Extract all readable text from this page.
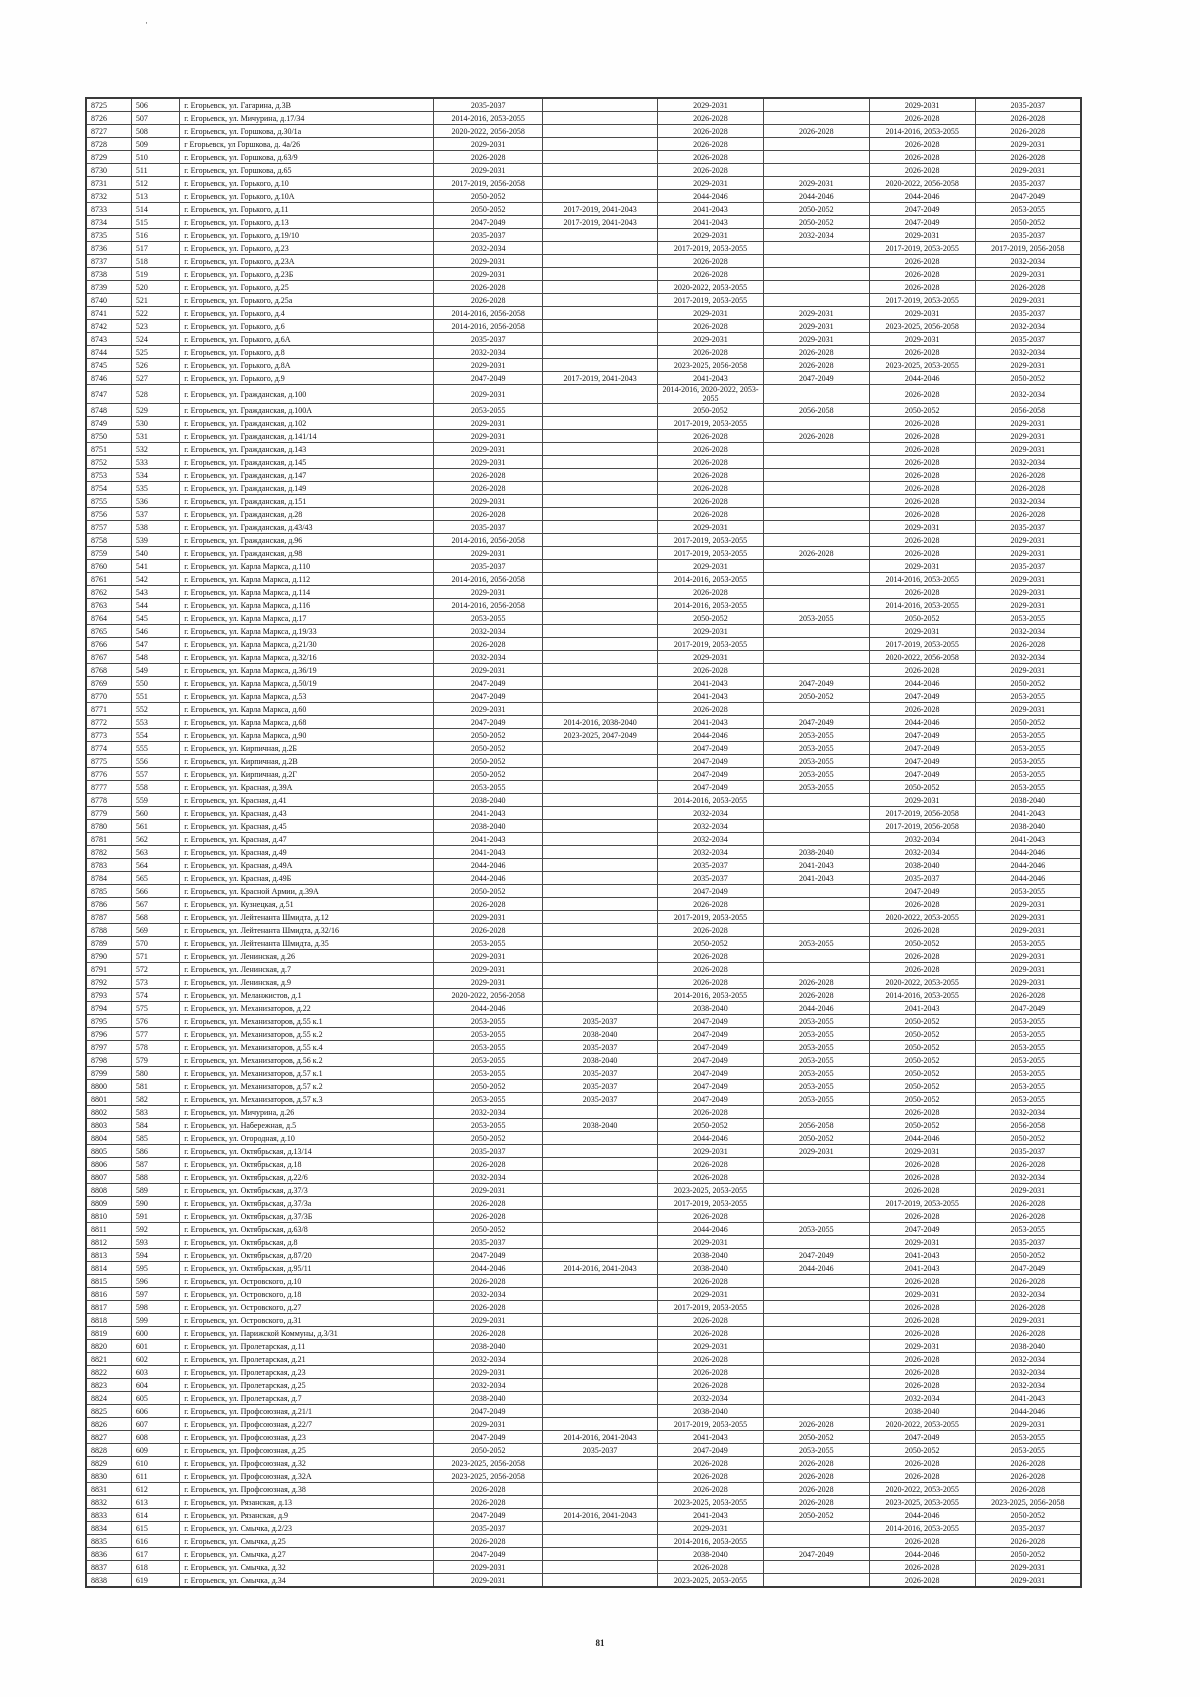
·
8725	506	г. Егорьевск, ул. Гагарина, д.3В	2035-2037		2029-2031		2029-2031	2035-2037
8726	507	г. Егорьевск, ул. Мичурина, д.17/34	2014-2016, 2053-2055		2026-2028		2026-2028	2026-2028
8727	508	г. Егорьевск, ул. Горшкова, д.30/1а	2020-2022, 2056-2058		2026-2028	2026-2028	2014-2016, 2053-2055	2026-2028
8728	509	г Егорьевск, ул Горшкова, д. 4а/26	2029-2031		2026-2028		2026-2028	2029-2031
8729	510	г. Егорьевск, ул. Горшкова, д.63/9	2026-2028		2026-2028		2026-2028	2026-2028
8730	511	г. Егорьевск, ул. Горшкова, д.65	2029-2031		2026-2028		2026-2028	2029-2031
8731	512	г. Егорьевск, ул. Горького, д.10	2017-2019, 2056-2058		2029-2031	2029-2031	2020-2022, 2056-2058	2035-2037
8732	513	г. Егорьевск, ул. Горького, д.10А	2050-2052		2044-2046	2044-2046	2044-2046	2047-2049
8733	514	г. Егорьевск, ул. Горького, д.11	2050-2052	2017-2019, 2041-2043	2041-2043	2050-2052	2047-2049	2053-2055
8734	515	г. Егорьевск, ул. Горького, д.13	2047-2049	2017-2019, 2041-2043	2041-2043	2050-2052	2047-2049	2050-2052
8735	516	г. Егорьевск, ул. Горького, д.19/10	2035-2037		2029-2031	2032-2034	2029-2031	2035-2037
8736	517	г. Егорьевск, ул. Горького, д.23	2032-2034		2017-2019, 2053-2055		2017-2019, 2053-2055	2017-2019, 2056-2058
8737	518	г. Егорьевск, ул. Горького, д.23А	2029-2031		2026-2028		2026-2028	2032-2034
8738	519	г. Егорьевск, ул. Горького, д.23Б	2029-2031		2026-2028		2026-2028	2029-2031
8739	520	г. Егорьевск, ул. Горького, д.25	2026-2028		2020-2022, 2053-2055		2026-2028	2026-2028
8740	521	г. Егорьевск, ул. Горького, д.25а	2026-2028		2017-2019, 2053-2055		2017-2019, 2053-2055	2029-2031
8741	522	г. Егорьевск, ул. Горького, д.4	2014-2016, 2056-2058		2029-2031	2029-2031	2029-2031	2035-2037
8742	523	г. Егорьевск, ул. Горького, д.6	2014-2016, 2056-2058		2026-2028	2029-2031	2023-2025, 2056-2058	2032-2034
8743	524	г. Егорьевск, ул. Горького, д.6А	2035-2037		2029-2031	2029-2031	2029-2031	2035-2037
8744	525	г. Егорьевск, ул. Горького, д.8	2032-2034		2026-2028	2026-2028	2026-2028	2032-2034
8745	526	г. Егорьевск, ул. Горького, д.8А	2029-2031		2023-2025, 2056-2058	2026-2028	2023-2025, 2053-2055	2029-2031
8746	527	г. Егорьевск, ул. Горького, д.9	2047-2049	2017-2019, 2041-2043	2041-2043	2047-2049	2044-2046	2050-2052
8747	528	г. Егорьевск, ул. Гражданская, д.100	2029-2031		2014-2016, 2020-2022, 2053-2055		2026-2028	2032-2034
8748	529	г. Егорьевск, ул. Гражданская, д.100А	2053-2055		2050-2052	2056-2058	2050-2052	2056-2058
8749	530	г. Егорьевск, ул. Гражданская, д.102	2029-2031		2017-2019, 2053-2055		2026-2028	2029-2031
8750	531	г. Егорьевск, ул. Гражданская, д.141/14	2029-2031		2026-2028	2026-2028	2026-2028	2029-2031
8751	532	г. Егорьевск, ул. Гражданская, д.143	2029-2031		2026-2028		2026-2028	2029-2031
8752	533	г. Егорьевск, ул. Гражданская, д.145	2029-2031		2026-2028		2026-2028	2032-2034
8753	534	г. Егорьевск, ул. Гражданская, д.147	2026-2028		2026-2028		2026-2028	2026-2028
8754	535	г. Егорьевск, ул. Гражданская, д.149	2026-2028		2026-2028		2026-2028	2026-2028
8755	536	г. Егорьевск, ул. Гражданская, д.151	2029-2031		2026-2028		2026-2028	2032-2034
8756	537	г. Егорьевск, ул. Гражданская, д.28	2026-2028		2026-2028		2026-2028	2026-2028
8757	538	г. Егорьевск, ул. Гражданская, д.43/43	2035-2037		2029-2031		2029-2031	2035-2037
8758	539	г. Егорьевск, ул. Гражданская, д.96	2014-2016, 2056-2058		2017-2019, 2053-2055		2026-2028	2029-2031
8759	540	г. Егорьевск, ул. Гражданская, д.98	2029-2031		2017-2019, 2053-2055	2026-2028	2026-2028	2029-2031
8760	541	г. Егорьевск, ул. Карла Маркса, д.110	2035-2037		2029-2031		2029-2031	2035-2037
8761	542	г. Егорьевск, ул. Карла Маркса, д.112	2014-2016, 2056-2058		2014-2016, 2053-2055		2014-2016, 2053-2055	2029-2031
8762	543	г. Егорьевск, ул. Карла Маркса, д.114	2029-2031		2026-2028		2026-2028	2029-2031
8763	544	г. Егорьевск, ул. Карла Маркса, д.116	2014-2016, 2056-2058		2014-2016, 2053-2055		2014-2016, 2053-2055	2029-2031
8764	545	г. Егорьевск, ул. Карла Маркса, д.17	2053-2055		2050-2052	2053-2055	2050-2052	2053-2055
8765	546	г. Егорьевск, ул. Карла Маркса, д.19/33	2032-2034		2029-2031		2029-2031	2032-2034
8766	547	г. Егорьевск, ул. Карла Маркса, д.21/30	2026-2028		2017-2019, 2053-2055		2017-2019, 2053-2055	2026-2028
8767	548	г. Егорьевск, ул. Карла Маркса, д.32/16	2032-2034		2029-2031		2020-2022, 2056-2058	2032-2034
8768	549	г. Егорьевск, ул. Карла Маркса, д.36/19	2029-2031		2026-2028		2026-2028	2029-2031
8769	550	г. Егорьевск, ул. Карла Маркса, д.50/19	2047-2049		2041-2043	2047-2049	2044-2046	2050-2052
8770	551	г. Егорьевск, ул. Карла Маркса, д.53	2047-2049		2041-2043	2050-2052	2047-2049	2053-2055
8771	552	г. Егорьевск, ул. Карла Маркса, д.60	2029-2031		2026-2028		2026-2028	2029-2031
8772	553	г. Егорьевск, ул. Карла Маркса, д.68	2047-2049	2014-2016, 2038-2040	2041-2043	2047-2049	2044-2046	2050-2052
8773	554	г. Егорьевск, ул. Карла Маркса, д.90	2050-2052	2023-2025, 2047-2049	2044-2046	2053-2055	2047-2049	2053-2055
8774	555	г. Егорьевск, ул. Кирпичная, д.2Б	2050-2052		2047-2049	2053-2055	2047-2049	2053-2055
8775	556	г. Егорьевск, ул. Кирпичная, д.2В	2050-2052		2047-2049	2053-2055	2047-2049	2053-2055
8776	557	г. Егорьевск, ул. Кирпичная, д.2Г	2050-2052		2047-2049	2053-2055	2047-2049	2053-2055
8777	558	г. Егорьевск, ул. Красная, д.39А	2053-2055		2047-2049	2053-2055	2050-2052	2053-2055
8778	559	г. Егорьевск, ул. Красная, д.41	2038-2040		2014-2016, 2053-2055		2029-2031	2038-2040
8779	560	г. Егорьевск, ул. Красная, д.43	2041-2043		2032-2034		2017-2019, 2056-2058	2041-2043
8780	561	г. Егорьевск, ул. Красная, д.45	2038-2040		2032-2034		2017-2019, 2056-2058	2038-2040
8781	562	г. Егорьевск, ул. Красная, д.47	2041-2043		2032-2034		2032-2034	2041-2043
8782	563	г. Егорьевск, ул. Красная, д.49	2041-2043		2032-2034	2038-2040	2032-2034	2044-2046
8783	564	г. Егорьевск, ул. Красная, д.49А	2044-2046		2035-2037	2041-2043	2038-2040	2044-2046
8784	565	г. Егорьевск, ул. Красная, д.49Б	2044-2046		2035-2037	2041-2043	2035-2037	2044-2046
8785	566	г. Егорьевск, ул. Красной Армии, д.39А	2050-2052		2047-2049		2047-2049	2053-2055
8786	567	г. Егорьевск, ул. Кузнецкая, д.51	2026-2028		2026-2028		2026-2028	2029-2031
8787	568	г. Егорьевск, ул. Лейтенанта Шмидта, д.12	2029-2031		2017-2019, 2053-2055		2020-2022, 2053-2055	2029-2031
8788	569	г. Егорьевск, ул. Лейтенанта Шмидта, д.32/16	2026-2028		2026-2028		2026-2028	2029-2031
8789	570	г. Егорьевск, ул. Лейтенанта Шмидта, д.35	2053-2055		2050-2052	2053-2055	2050-2052	2053-2055
8790	571	г. Егорьевск, ул. Ленинская, д.26	2029-2031		2026-2028		2026-2028	2029-2031
8791	572	г. Егорьевск, ул. Ленинская, д.7	2029-2031		2026-2028		2026-2028	2029-2031
8792	573	г. Егорьевск, ул. Ленинская, д.9	2029-2031		2026-2028	2026-2028	2020-2022, 2053-2055	2029-2031
8793	574	г. Егорьевск, ул. Меланжистов, д.1	2020-2022, 2056-2058		2014-2016, 2053-2055	2026-2028	2014-2016, 2053-2055	2026-2028
8794	575	г. Егорьевск, ул. Механизаторов, д.22	2044-2046		2038-2040	2044-2046	2041-2043	2047-2049
8795	576	г. Егорьевск, ул. Механизаторов, д.55 к.1	2053-2055	2035-2037	2047-2049	2053-2055	2050-2052	2053-2055
8796	577	г. Егорьевск, ул. Механизаторов, д.55 к.2	2053-2055	2038-2040	2047-2049	2053-2055	2050-2052	2053-2055
8797	578	г. Егорьевск, ул. Механизаторов, д.55 к.4	2053-2055	2035-2037	2047-2049	2053-2055	2050-2052	2053-2055
8798	579	г. Егорьевск, ул. Механизаторов, д.56 к.2	2053-2055	2038-2040	2047-2049	2053-2055	2050-2052	2053-2055
8799	580	г. Егорьевск, ул. Механизаторов, д.57 к.1	2053-2055	2035-2037	2047-2049	2053-2055	2050-2052	2053-2055
8800	581	г. Егорьевск, ул. Механизаторов, д.57 к.2	2050-2052	2035-2037	2047-2049	2053-2055	2050-2052	2053-2055
8801	582	г. Егорьевск, ул. Механизаторов, д.57 к.3	2053-2055	2035-2037	2047-2049	2053-2055	2050-2052	2053-2055
8802	583	г. Егорьевск, ул. Мичурина, д.26	2032-2034		2026-2028		2026-2028	2032-2034
8803	584	г. Егорьевск, ул. Набережная, д.5	2053-2055	2038-2040	2050-2052	2056-2058	2050-2052	2056-2058
8804	585	г. Егорьевск, ул. Огородная, д.10	2050-2052		2044-2046	2050-2052	2044-2046	2050-2052
8805	586	г. Егорьевск, ул. Октябрьская, д.13/14	2035-2037		2029-2031	2029-2031	2029-2031	2035-2037
8806	587	г. Егорьевск, ул. Октябрьская, д.18	2026-2028		2026-2028		2026-2028	2026-2028
8807	588	г. Егорьевск, ул. Октябрьская, д.22/6	2032-2034		2026-2028		2026-2028	2032-2034
8808	589	г. Егорьевск, ул. Октябрьская, д.37/3	2029-2031		2023-2025, 2053-2055		2026-2028	2029-2031
8809	590	г. Егорьевск, ул. Октябрьская, д.37/3а	2026-2028		2017-2019, 2053-2055		2017-2019, 2053-2055	2026-2028
8810	591	г. Егорьевск, ул. Октябрьская, д.37/3Б	2026-2028		2026-2028		2026-2028	2026-2028
8811	592	г. Егорьевск, ул. Октябрьская, д.63/8	2050-2052		2044-2046	2053-2055	2047-2049	2053-2055
8812	593	г. Егорьевск, ул. Октябрьская, д.8	2035-2037		2029-2031		2029-2031	2035-2037
8813	594	г. Егорьевск, ул. Октябрьская, д.87/20	2047-2049		2038-2040	2047-2049	2041-2043	2050-2052
8814	595	г. Егорьевск, ул. Октябрьская, д.95/11	2044-2046	2014-2016, 2041-2043	2038-2040	2044-2046	2041-2043	2047-2049
8815	596	г. Егорьевск, ул. Островского, д.10	2026-2028		2026-2028		2026-2028	2026-2028
8816	597	г. Егорьевск, ул. Островского, д.18	2032-2034		2029-2031		2029-2031	2032-2034
8817	598	г. Егорьевск, ул. Островского, д.27	2026-2028		2017-2019, 2053-2055		2026-2028	2026-2028
8818	599	г. Егорьевск, ул. Островского, д.31	2029-2031		2026-2028		2026-2028	2029-2031
8819	600	г. Егорьевск, ул. Парижской Коммуны, д.3/31	2026-2028		2026-2028		2026-2028	2026-2028
8820	601	г. Егорьевск, ул. Пролетарская, д.11	2038-2040		2029-2031		2029-2031	2038-2040
8821	602	г. Егорьевск, ул. Пролетарская, д.21	2032-2034		2026-2028		2026-2028	2032-2034
8822	603	г. Егорьевск, ул. Пролетарская, д.23	2029-2031		2026-2028		2026-2028	2032-2034
8823	604	г. Егорьевск, ул. Пролетарская, д.25	2032-2034		2026-2028		2026-2028	2032-2034
8824	605	г. Егорьевск, ул. Пролетарская, д.7	2038-2040		2032-2034		2032-2034	2041-2043
8825	606	г. Егорьевск, ул. Профсоюзная, д.21/1	2047-2049		2038-2040		2038-2040	2044-2046
8826	607	г. Егорьевск, ул. Профсоюзная, д.22/7	2029-2031		2017-2019, 2053-2055	2026-2028	2020-2022, 2053-2055	2029-2031
8827	608	г. Егорьевск, ул. Профсоюзная, д.23	2047-2049	2014-2016, 2041-2043	2041-2043	2050-2052	2047-2049	2053-2055
8828	609	г. Егорьевск, ул. Профсоюзная, д.25	2050-2052	2035-2037	2047-2049	2053-2055	2050-2052	2053-2055
8829	610	г. Егорьевск, ул. Профсоюзная, д.32	2023-2025, 2056-2058		2026-2028	2026-2028	2026-2028	2026-2028
8830	611	г. Егорьевск, ул. Профсоюзная, д.32А	2023-2025, 2056-2058		2026-2028	2026-2028	2026-2028	2026-2028
8831	612	г. Егорьевск, ул. Профсоюзная, д.38	2026-2028		2026-2028	2026-2028	2020-2022, 2053-2055	2026-2028
8832	613	г. Егорьевск, ул. Рязанская, д.13	2026-2028		2023-2025, 2053-2055	2026-2028	2023-2025, 2053-2055	2023-2025, 2056-2058
8833	614	г. Егорьевск, ул. Рязанская, д.9	2047-2049	2014-2016, 2041-2043	2041-2043	2050-2052	2044-2046	2050-2052
8834	615	г. Егорьевск, ул. Смычка, д.2/23	2035-2037		2029-2031		2014-2016, 2053-2055	2035-2037
8835	616	г. Егорьевск, ул. Смычка, д.25	2026-2028		2014-2016, 2053-2055		2026-2028	2026-2028
8836	617	г. Егорьевск, ул. Смычка, д.27	2047-2049		2038-2040	2047-2049	2044-2046	2050-2052
8837	618	г. Егорьевск, ул. Смычка, д.32	2029-2031		2026-2028		2026-2028	2029-2031
8838	619	г. Егорьевск, ул. Смычка, д.34	2029-2031		2023-2025, 2053-2055		2026-2028	2029-2031
81
